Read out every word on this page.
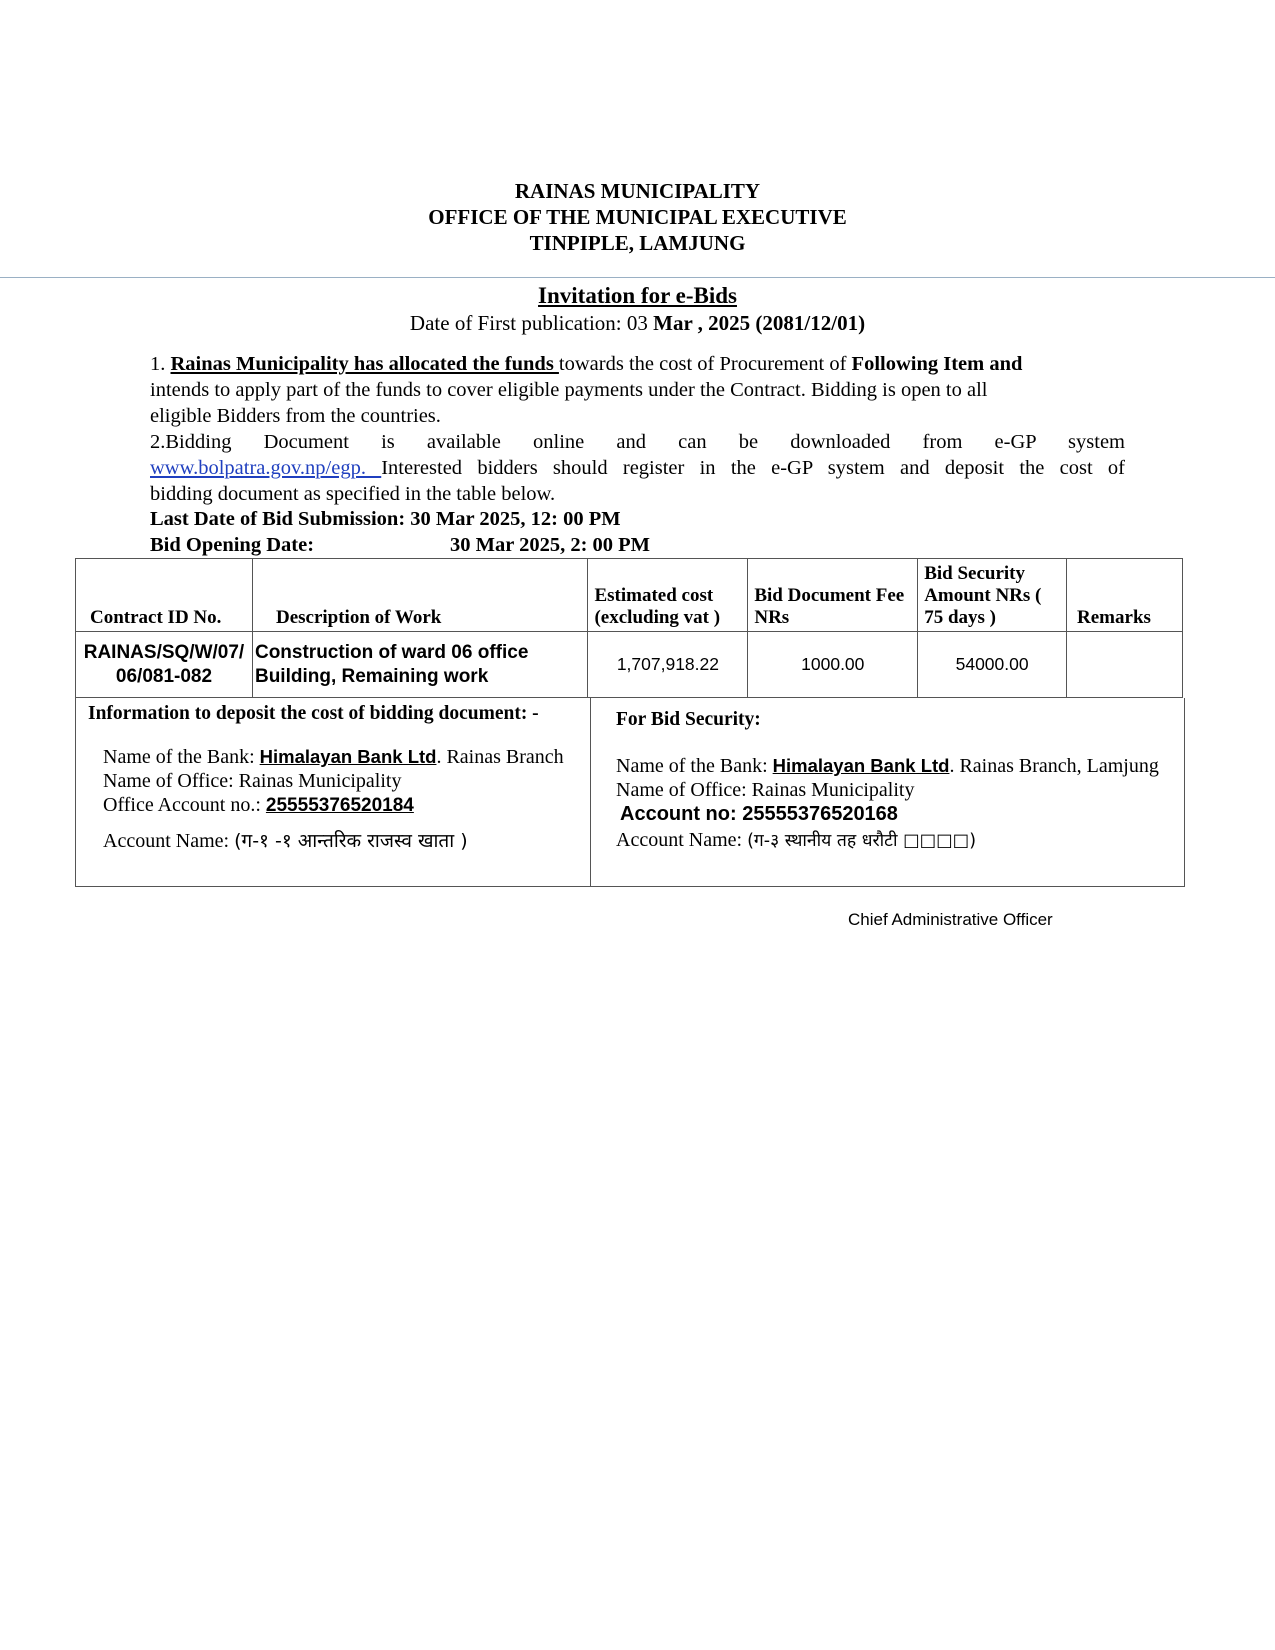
RAINAS MUNICIPALITY
OFFICE OF THE MUNICIPAL EXECUTIVE
TINPIPLE, LAMJUNG
Invitation for e-Bids
Date of First publication: 03 Mar , 2025 (2081/12/01)
1. Rainas Municipality has allocated the funds towards the cost of Procurement of Following Item and
intends to apply part of the funds to cover eligible payments under the Contract. Bidding is open to all
eligible Bidders from the countries.
2.Bidding Document is available online and can be downloaded from e-GP system
www.bolpatra.gov.np/egp. Interested bidders should register in the e-GP system and deposit the cost of
bidding document as specified in the table below.
Last Date of Bid Submission: 30 Mar 2025, 12: 00 PM
Bid Opening Date:	30 Mar 2025, 2: 00 PM
Contract ID No.	Description of Work	Estimated cost (excluding vat )	Bid Document Fee NRs	Bid Security Amount NRs ( 75 days )	Remarks
RAINAS/SQ/W/07/ 06/081-082	Construction of ward 06 office Building, Remaining work	1,707,918.22	1000.00	54000.00	

Information to deposit the cost of bidding document: -

Name of the Bank: Himalayan Bank Ltd. Rainas Branch

Name of Office: Rainas Municipality

Office Account no.: 25555376520184

Account Name: (ग-१ -१ आन्तरिक राजस्व खाता )

For Bid Security:

Name of the Bank: Himalayan Bank Ltd. Rainas Branch, Lamjung

Name of Office: Rainas Municipality

Account no: 25555376520168

Account Name: (ग-३ स्थानीय तह धरौटी □□□□)

Chief Administrative Officer
